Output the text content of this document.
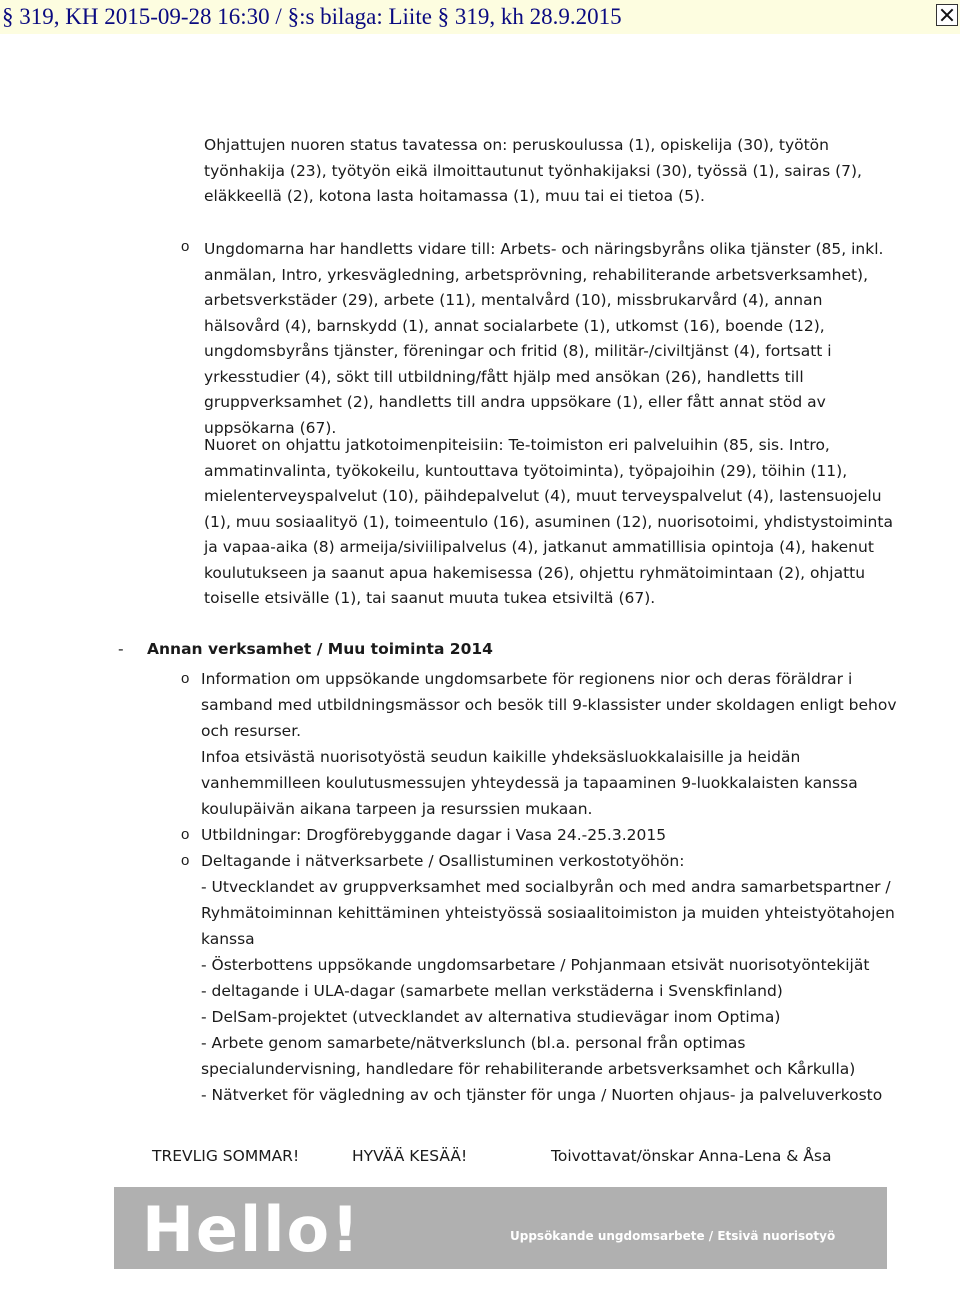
§ 319, KH 2015-09-28 16:30 / §:s bilaga: Liite § 319, kh 28.9.2015
Ohjattujen nuoren status tavatessa on: peruskoulussa (1), opiskelija (30), työtön työnhakija (23), työtyön eikä ilmoittautunut työnhakijaksi (30), työssä (1), sairas (7), eläkkeellä (2), kotona lasta hoitamassa (1), muu tai ei tietoa (5).
o Ungdomarna har handletts vidare till: Arbets- och näringsbyråns olika tjänster (85, inkl. anmälan, Intro, yrkesvägledning, arbetsprövning, rehabiliterande arbetsverksamhet), arbetsverkstäder (29), arbete (11), mentalvård (10), missbrukarvård (4), annan hälsovård (4), barnskydd (1), annat socialarbete (1), utkomst (16), boende (12), ungdomsbyråns tjänster, föreningar och fritid (8), militär-/civiltjänst (4), fortsatt i yrkesstudier (4), sökt till utbildning/fått hjälp med ansökan (26), handletts till gruppverksamhet (2), handletts till andra uppsökare (1), eller fått annat stöd av uppsökarna (67).
Nuoret on ohjattu jatkotoimenpiteisiin: Te-toimiston eri palveluihin (85, sis. Intro, ammatinvalinta, työkokeilu, kuntouttava työtoiminta), työpajoihin (29), töihin (11), mielenterveyspalvelut (10), päihdepalvelut (4), muut terveyspalvelut (4), lastensuojelu (1), muu sosiaalityö (1), toimeentulo (16), asuminen (12), nuorisotoimi, yhdistystoiminta ja vapaa-aika (8) armeija/siviilipalvelus (4), jatkanut ammatillisia opintoja (4), hakenut koulutukseen ja saanut apua hakemisessa (26), ohjettu ryhmätoimintaan (2), ohjattu toiselle etsivälle (1), tai saanut muuta tukea etsiviltä (67).
- Annan verksamhet / Muu toiminta 2014
o Information om uppsökande ungdomsarbete för regionens nior och deras föräldrar i samband med utbildningsmässor och besök till 9-klassister under skoldagen enligt behov och resurser.
Infoa etsivästä nuorisotyöstä seudun kaikille yhdeksäsluokkalaisille ja heidän vanhemmilleen koulutusmessujen yhteydessä ja tapaaminen 9-luokkalaisten kanssa koulupäivän aikana tarpeen ja resurssien mukaan.
o Utbildningar: Drogförebyggande dagar i Vasa 24.-25.3.2015
o Deltagande i nätverksarbete / Osallistuminen verkostotyöhön:
- Utvecklandet av gruppverksamhet med socialbyrån och med andra samarbetspartner / Ryhmätoiminnan kehittäminen yhteistyössä sosiaalitoimiston ja muiden yhteistyötahojen kanssa
- Österbottens uppsökande ungdomsarbetare / Pohjanmaan etsivät nuorisotyöntekijät
- deltagande i ULA-dagar (samarbete mellan verkstäderna i Svenskfinland)
- DelSam-projektet (utvecklandet av alternativa studievägar inom Optima)
- Arbete genom samarbete/nätverkslunch (bl.a. personal från optimas specialundervisning, handledare för rehabiliterande arbetsverksamhet och Kårkulla)
- Nätverket för vägledning av och tjänster för unga / Nuorten ohjaus- ja palveluverkosto
TREVLIG SOMMAR!	HYVÄÄ KESÄÄ!	Toivottavat/önskar Anna-Lena & Åsa
Hello!	Uppsökande ungdomsarbete / Etsivä nuorisotyö
